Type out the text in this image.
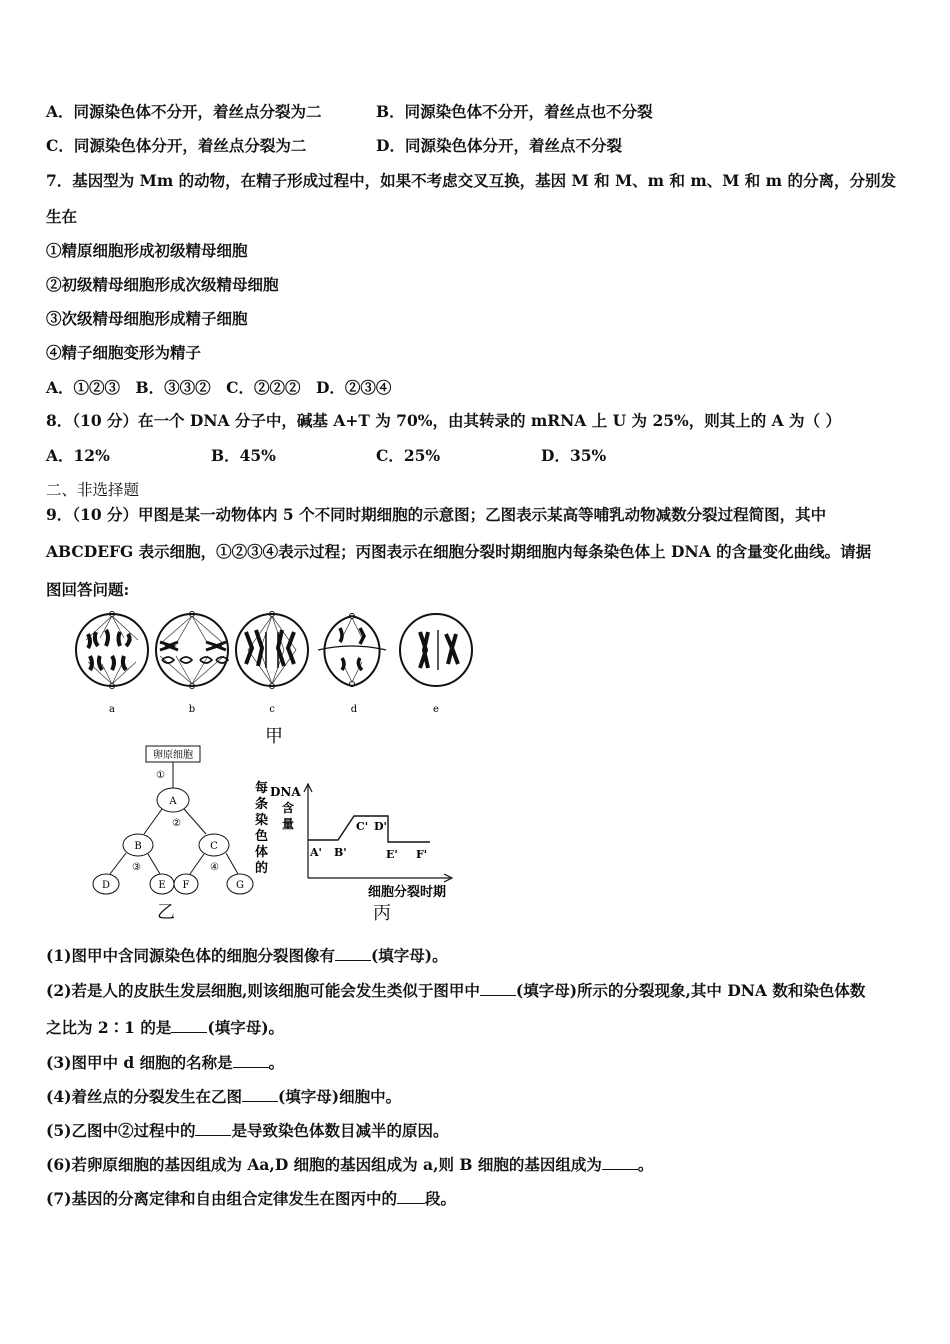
A．同源染色体不分开，着丝点分裂为二	B．同源染色体不分开，着丝点也不分裂
C．同源染色体分开，着丝点分裂为二	D．同源染色体分开，着丝点不分裂
7．基因型为 Mm 的动物，在精子形成过程中，如果不考虑交叉互换，基因 M 和 M、m 和 m、M 和 m 的分离，分别发
生在
①精原细胞形成初级精母细胞
②初级精母细胞形成次级精母细胞
③次级精母细胞形成精子细胞
④精子细胞变形为精子
A．①②③　B．③③②　C．②②②　D．②③④
8．（10 分）在一个 DNA 分子中，碱基 A+T 为 70%，由其转录的 mRNA 上 U 为 25%，则其上的 A 为（ ）
A．12%	B．45%	C．25%	D．35%
二、非选择题
9．（10 分）甲图是某一动物体内 5 个不同时期细胞的示意图；乙图表示某高等哺乳动物减数分裂过程简图，其中
ABCDEFG 表示细胞，①②③④表示过程；丙图表示在细胞分裂时期细胞内每条染色体上 DNA 的含量变化曲线。请据
图回答问题:
a	b	c	d	e
甲
卵原细胞
①
A
②
B	C
③	④
D	E F	G
乙
每 条 染 色 体 的
DNA 含 量
A' B'
C' D'
E' F'
细胞分裂时期
丙
(1)图甲中含同源染色体的细胞分裂图像有 (填字母)。
(2)若是人的皮肤生发层细胞,则该细胞可能会发生类似于图甲中 (填字母)所示的分裂现象,其中 DNA 数和染色体数
之比为 2∶1 的是 (填字母)。
(3)图甲中 d 细胞的名称是 。
(4)着丝点的分裂发生在乙图 (填字母)细胞中。
(5)乙图中②过程中的 是导致染色体数目减半的原因。
(6)若卵原细胞的基因组成为 Aa,D 细胞的基因组成为 a,则 B 细胞的基因组成为 。
(7)基因的分离定律和自由组合定律发生在图丙中的 段。
